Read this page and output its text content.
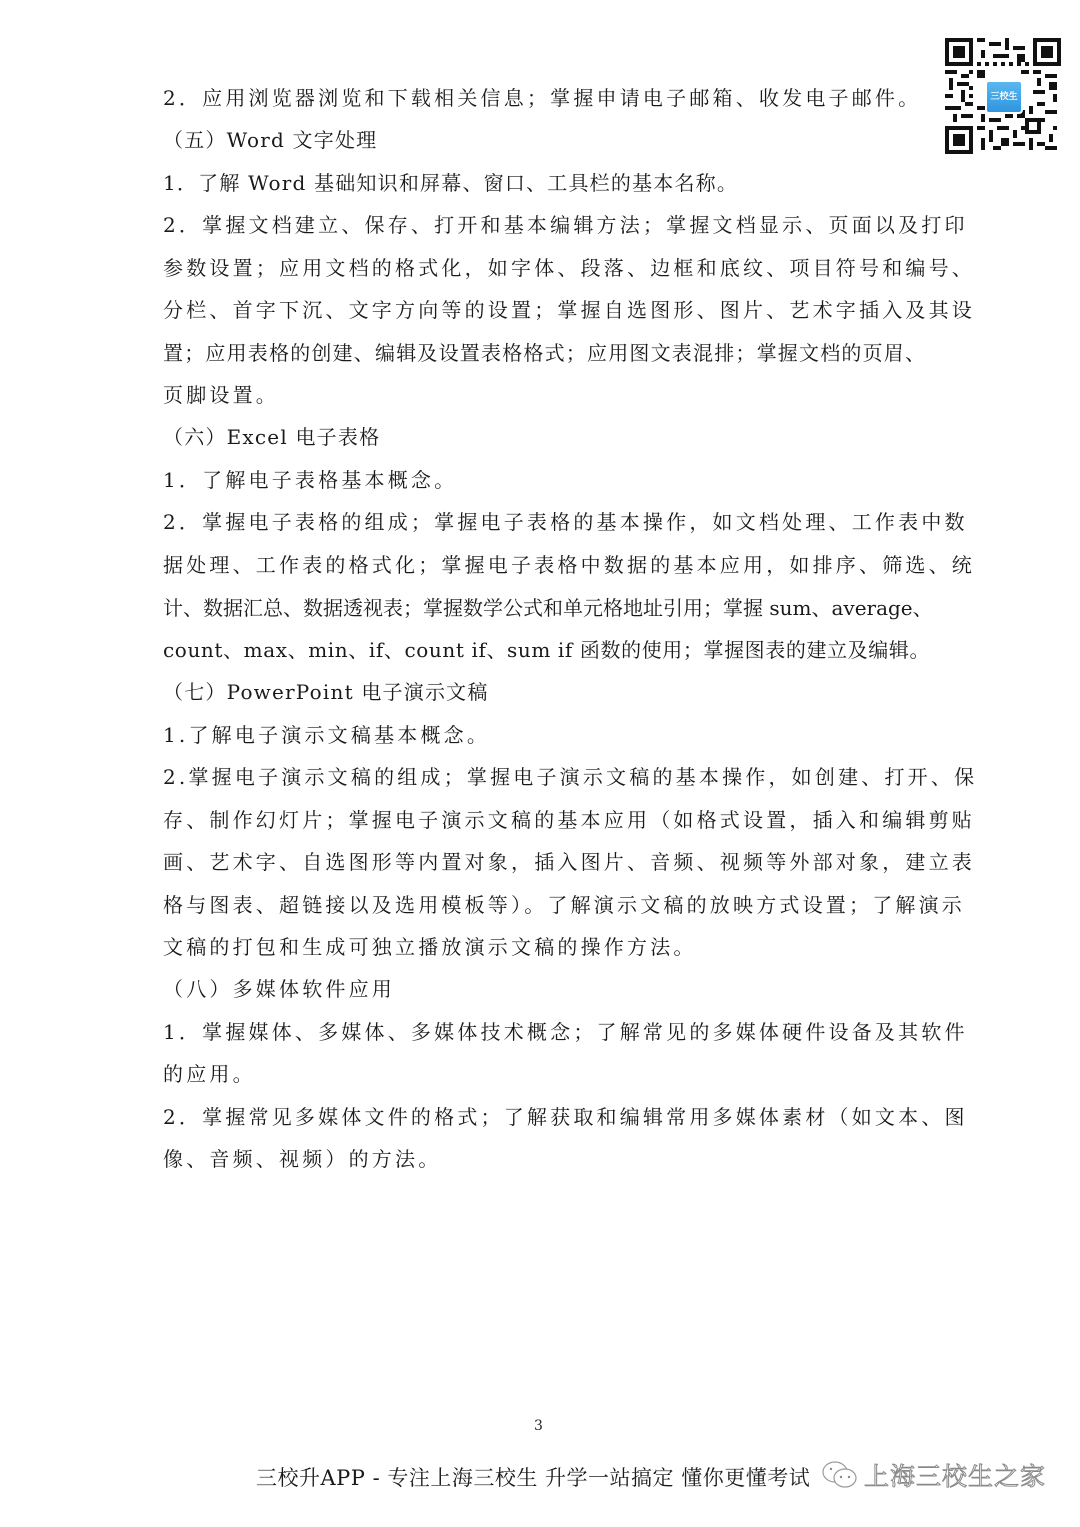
三校生
2．应用浏览器浏览和下载相关信息；掌握申请电子邮箱、收发电子邮件。
（五）Word 文字处理
1．了解 Word 基础知识和屏幕、窗口、工具栏的基本名称。
2．掌握文档建立、保存、打开和基本编辑方法；掌握文档显示、页面以及打印
参数设置；应用文档的格式化，如字体、段落、边框和底纹、项目符号和编号、
分栏、首字下沉、文字方向等的设置；掌握自选图形、图片、艺术字插入及其设
置；应用表格的创建、编辑及设置表格格式；应用图文表混排；掌握文档的页眉、
页脚设置。
（六）Excel 电子表格
1．了解电子表格基本概念。
2．掌握电子表格的组成；掌握电子表格的基本操作，如文档处理、工作表中数
据处理、工作表的格式化；掌握电子表格中数据的基本应用，如排序、筛选、统
计、数据汇总、数据透视表；掌握数学公式和单元格地址引用；掌握 sum、average、
count、max、min、if、count if、sum if 函数的使用；掌握图表的建立及编辑。
（七）PowerPoint 电子演示文稿
1.了解电子演示文稿基本概念。
2.掌握电子演示文稿的组成；掌握电子演示文稿的基本操作，如创建、打开、保
存、制作幻灯片；掌握电子演示文稿的基本应用（如格式设置，插入和编辑剪贴
画、艺术字、自选图形等内置对象，插入图片、音频、视频等外部对象，建立表
格与图表、超链接以及选用模板等）。了解演示文稿的放映方式设置；了解演示
文稿的打包和生成可独立播放演示文稿的操作方法。
（八）多媒体软件应用
1．掌握媒体、多媒体、多媒体技术概念；了解常见的多媒体硬件设备及其软件
的应用。
2．掌握常见多媒体文件的格式；了解获取和编辑常用多媒体素材（如文本、图
像、音频、视频）的方法。
3
三校升APP - 专注上海三校生 升学一站搞定 懂你更懂考试 上海三校生之家
